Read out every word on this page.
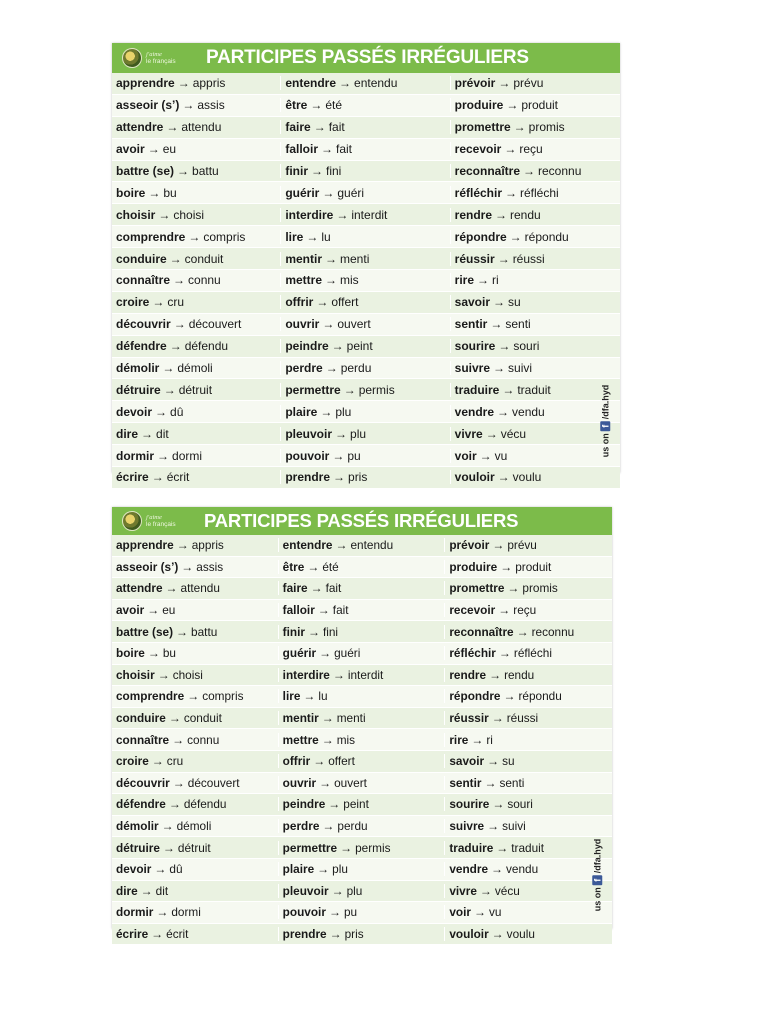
j'aime
le français	PARTICIPES PASSÉS IRRÉGULIERS
apprendre → appris	entendre → entendu	prévoir → prévu
asseoir (s’) → assis	être → été	produire → produit
attendre → attendu	faire → fait	promettre → promis
avoir → eu	falloir → fait	recevoir → reçu
battre (se) → battu	finir → fini	reconnaître → reconnu
boire → bu	guérir → guéri	réfléchir → réfléchi
choisir → choisi	interdire → interdit	rendre → rendu
comprendre → compris	lire → lu	répondre → répondu
conduire → conduit	mentir → menti	réussir → réussi
connaître → connu	mettre → mis	rire → ri
croire → cru	offrir → offert	savoir → su
découvrir → découvert	ouvrir → ouvert	sentir → senti
défendre → défendu	peindre → peint	sourire → souri
démolir → démoli	perdre → perdu	suivre → suivi
détruire → détruit	permettre → permis	traduire → traduit
devoir → dû	plaire → plu	vendre → vendu
dire → dit	pleuvoir → plu	vivre → vécu
dormir → dormi	pouvoir → pu	voir → vu
écrire → écrit	prendre → pris	vouloir → voulu
us on
f
/dfa.hyd
j'aime
le français	PARTICIPES PASSÉS IRRÉGULIERS
apprendre → appris	entendre → entendu	prévoir → prévu
asseoir (s’) → assis	être → été	produire → produit
attendre → attendu	faire → fait	promettre → promis
avoir → eu	falloir → fait	recevoir → reçu
battre (se) → battu	finir → fini	reconnaître → reconnu
boire → bu	guérir → guéri	réfléchir → réfléchi
choisir → choisi	interdire → interdit	rendre → rendu
comprendre → compris	lire → lu	répondre → répondu
conduire → conduit	mentir → menti	réussir → réussi
connaître → connu	mettre → mis	rire → ri
croire → cru	offrir → offert	savoir → su
découvrir → découvert	ouvrir → ouvert	sentir → senti
défendre → défendu	peindre → peint	sourire → souri
démolir → démoli	perdre → perdu	suivre → suivi
détruire → détruit	permettre → permis	traduire → traduit
devoir → dû	plaire → plu	vendre → vendu
dire → dit	pleuvoir → plu	vivre → vécu
dormir → dormi	pouvoir → pu	voir → vu
écrire → écrit	prendre → pris	vouloir → voulu
us on
f
/dfa.hyd
